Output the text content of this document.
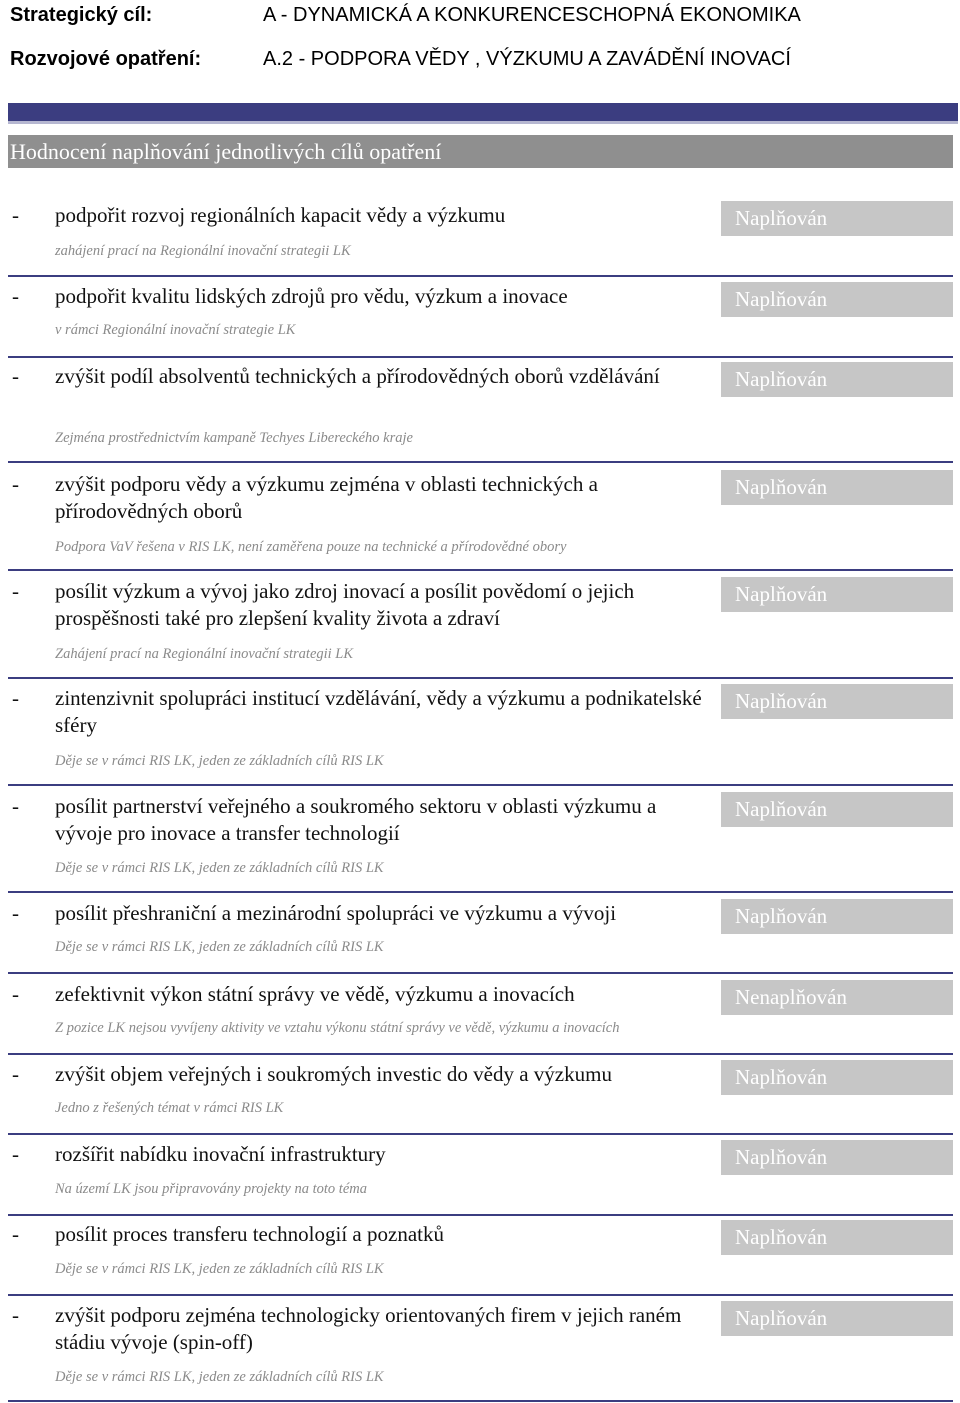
Strategický cíl:	A - DYNAMICKÁ A KONKURENCESCHOPNÁ EKONOMIKA
Rozvojové opatření:	A.2 - PODPORA VĚDY , VÝZKUMU A ZAVÁDĚNÍ INOVACÍ
Hodnocení naplňování jednotlivých cílů opatření
- podpořit rozvoj regionálních kapacit vědy a výzkumu
zahájení prací na Regionální inovační strategii LK
Naplňován
- podpořit kvalitu lidských zdrojů pro vědu, výzkum a inovace
v rámci Regionální inovační strategie LK
Naplňován
- zvýšit podíl absolventů technických a přírodovědných oborů vzdělávání
Zejména prostřednictvím kampaně Techyes Libereckého kraje
Naplňován
- zvýšit podporu vědy a výzkumu zejména v oblasti technických a přírodovědných oborů
Podpora VaV řešena v RIS LK, není zaměřena pouze na technické a přírodovědné obory
Naplňován
- posílit výzkum a vývoj jako zdroj inovací a posílit povědomí o jejich prospěšnosti také pro zlepšení kvality života a zdraví
Zahájení prací na Regionální inovační strategii LK
Naplňován
- zintenzivnit spolupráci institucí vzdělávání, vědy a výzkumu a podnikatelské sféry
Děje se v rámci RIS LK, jeden ze základních cílů RIS LK
Naplňován
- posílit partnerství veřejného a soukromého sektoru v oblasti výzkumu a vývoje pro inovace a transfer technologií
Děje se v rámci RIS LK, jeden ze základních cílů RIS LK
Naplňován
- posílit přeshraniční a mezinárodní spolupráci ve výzkumu a vývoji
Děje se v rámci RIS LK, jeden ze základních cílů RIS LK
Naplňován
- zefektivnit výkon státní správy ve vědě, výzkumu a inovacích
Z pozice LK nejsou vyvíjeny aktivity ve vztahu výkonu státní správy ve vědě, výzkumu a inovacích
Nenaplňován
- zvýšit objem veřejných i soukromých investic do vědy a výzkumu
Jedno z řešených témat v rámci RIS LK
Naplňován
- rozšířit nabídku inovační infrastruktury
Na území LK jsou připravovány projekty na toto téma
Naplňován
- posílit proces transferu technologií a poznatků
Děje se v rámci RIS LK, jeden ze základních cílů RIS LK
Naplňován
- zvýšit podporu zejména technologicky orientovaných firem v jejich raném stádiu vývoje (spin-off)
Děje se v rámci RIS LK, jeden ze základních cílů RIS LK
Naplňován
